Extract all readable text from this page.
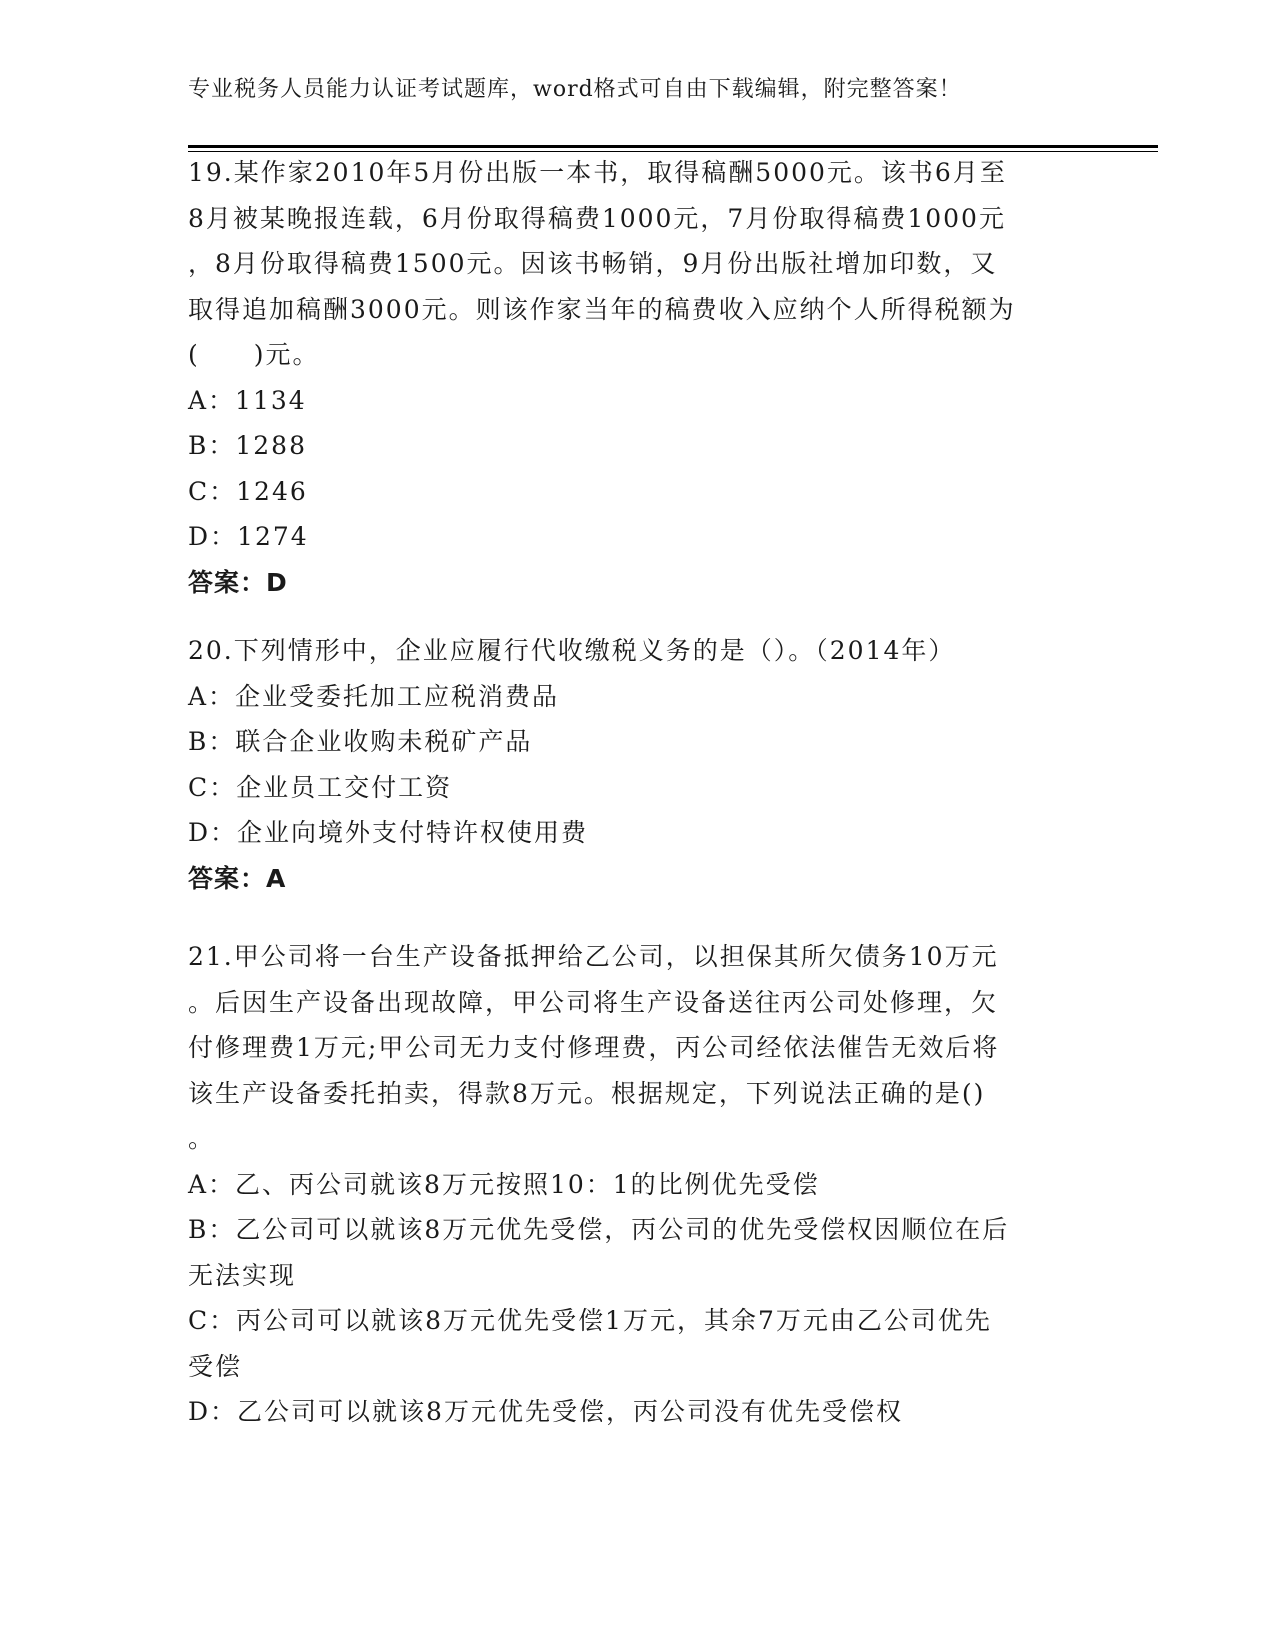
专业税务人员能力认证考试题库，word格式可自由下载编辑，附完整答案！
19.某作家2010年5月份出版一本书，取得稿酬5000元。该书6月至
8月被某晚报连载，6月份取得稿费1000元，7月份取得稿费1000元
，8月份取得稿费1500元。因该书畅销，9月份出版社增加印数，又
取得追加稿酬3000元。则该作家当年的稿费收入应纳个人所得税额为
(　　)元。
A：1134
B：1288
C：1246
D：1274
答案：D
20.下列情形中，企业应履行代收缴税义务的是（）。（2014年）
A：企业受委托加工应税消费品
B：联合企业收购未税矿产品
C：企业员工交付工资
D：企业向境外支付特许权使用费
答案：A
21.甲公司将一台生产设备抵押给乙公司，以担保其所欠债务10万元
。后因生产设备出现故障，甲公司将生产设备送往丙公司处修理，欠
付修理费1万元;甲公司无力支付修理费，丙公司经依法催告无效后将
该生产设备委托拍卖，得款8万元。根据规定，下列说法正确的是()
。
A：乙、丙公司就该8万元按照10：1的比例优先受偿
B：乙公司可以就该8万元优先受偿，丙公司的优先受偿权因顺位在后
无法实现
C：丙公司可以就该8万元优先受偿1万元，其余7万元由乙公司优先
受偿
D：乙公司可以就该8万元优先受偿，丙公司没有优先受偿权
